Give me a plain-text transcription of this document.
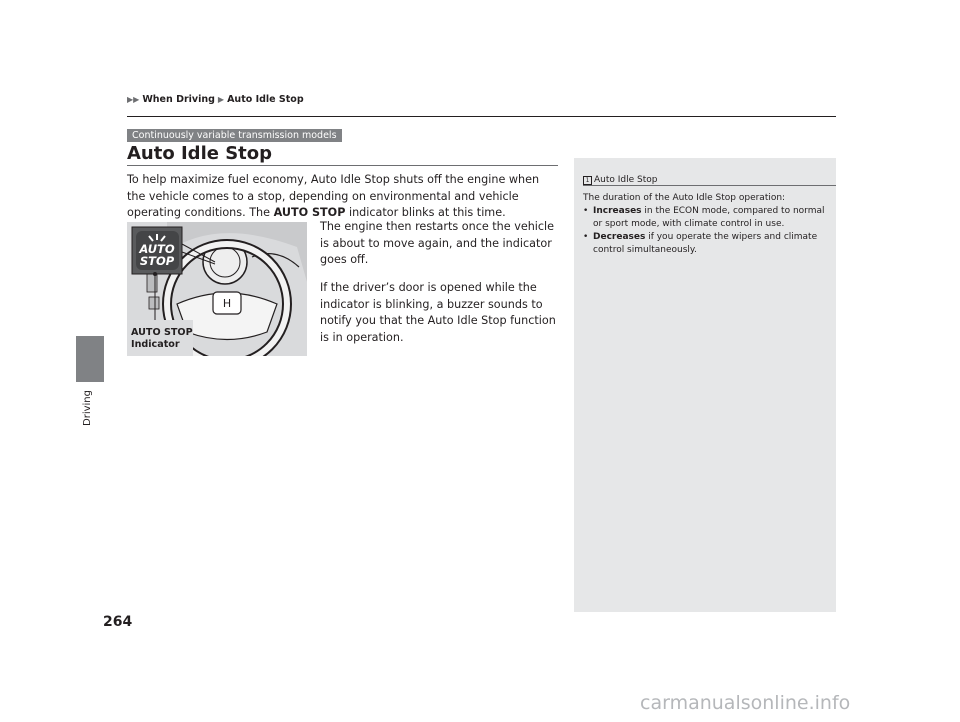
▶▶ When Driving ▶ Auto Idle Stop
Continuously variable transmission models
Auto Idle Stop

To help maximize fuel economy, Auto Idle Stop shuts off the engine when the vehicle comes to a stop, depending on environmental and vehicle operating conditions. The AUTO STOP indicator blinks at this time.

H
AUTO
STOP
AUTO STOP
Indicator

The engine then restarts once the vehicle is about to move again, and the indicator goes off.

If the driver’s door is opened while the indicator is blinking, a buzzer sounds to notify you that the Auto Idle Stop function is in operation.

Driving
264
1 Auto Idle Stop

The duration of the Auto Idle Stop operation:

• Increases in the ECON mode, compared to normal or sport mode, with climate control in use.
• Decreases if you operate the wipers and climate control simultaneously.
carmanualsonline.info
